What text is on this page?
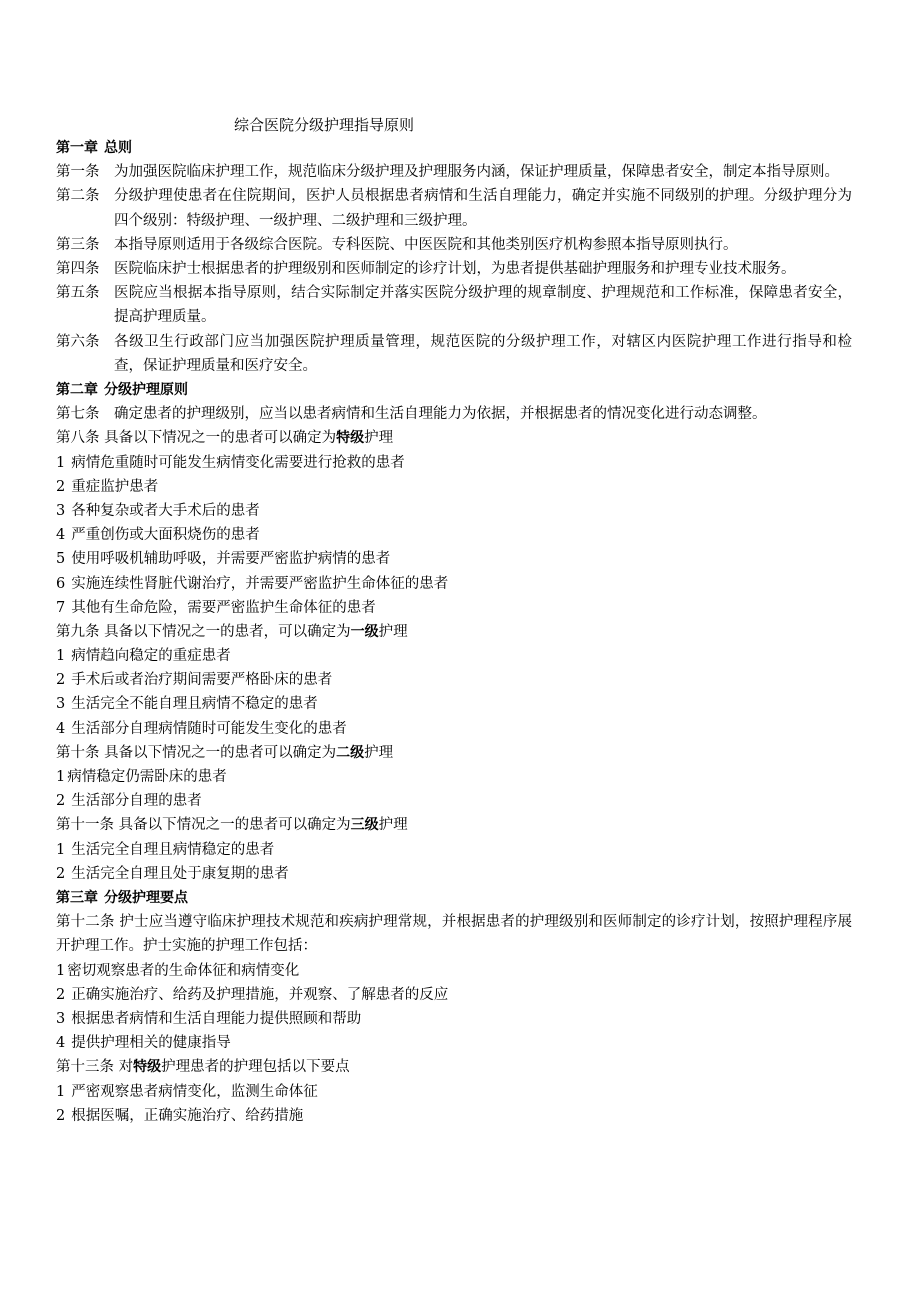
综合医院分级护理指导原则
第一章 总则
第一条	为加强医院临床护理工作，规范临床分级护理及护理服务内涵，保证护理质量，保障患者安全，制定本指导原则。
第二条	分级护理使患者在住院期间，医护人员根据患者病情和生活自理能力，确定并实施不同级别的护理。分级护理分为四个级别：特级护理、一级护理、二级护理和三级护理。
第三条	本指导原则适用于各级综合医院。专科医院、中医医院和其他类别医疗机构参照本指导原则执行。
第四条	医院临床护士根据患者的护理级别和医师制定的诊疗计划，为患者提供基础护理服务和护理专业技术服务。
第五条	医院应当根据本指导原则，结合实际制定并落实医院分级护理的规章制度、护理规范和工作标准，保障患者安全，提高护理质量。
第六条	各级卫生行政部门应当加强医院护理质量管理，规范医院的分级护理工作，对辖区内医院护理工作进行指导和检查，保证护理质量和医疗安全。
第二章 分级护理原则
第七条	确定患者的护理级别，应当以患者病情和生活自理能力为依据，并根据患者的情况变化进行动态调整。
第八条 具备以下情况之一的患者可以确定为特级护理
1 病情危重随时可能发生病情变化需要进行抢救的患者
2 重症监护患者
3 各种复杂或者大手术后的患者
4 严重创伤或大面积烧伤的患者
5 使用呼吸机辅助呼吸，并需要严密监护病情的患者
6 实施连续性肾脏代谢治疗，并需要严密监护生命体征的患者
7 其他有生命危险，需要严密监护生命体征的患者
第九条 具备以下情况之一的患者，可以确定为一级护理
1 病情趋向稳定的重症患者
2 手术后或者治疗期间需要严格卧床的患者
3 生活完全不能自理且病情不稳定的患者
4 生活部分自理病情随时可能发生变化的患者
第十条 具备以下情况之一的患者可以确定为二级护理
1 病情稳定仍需卧床的患者
2 生活部分自理的患者
第十一条 具备以下情况之一的患者可以确定为三级护理
1 生活完全自理且病情稳定的患者
2 生活完全自理且处于康复期的患者
第三章 分级护理要点
第十二条 护士应当遵守临床护理技术规范和疾病护理常规，并根据患者的护理级别和医师制定的诊疗计划，按照护理程序展开护理工作。护士实施的护理工作包括：
1 密切观察患者的生命体征和病情变化
2 正确实施治疗、给药及护理措施，并观察、了解患者的反应
3 根据患者病情和生活自理能力提供照顾和帮助
4 提供护理相关的健康指导
第十三条 对特级护理患者的护理包括以下要点
1 严密观察患者病情变化，监测生命体征
2 根据医嘱，正确实施治疗、给药措施
